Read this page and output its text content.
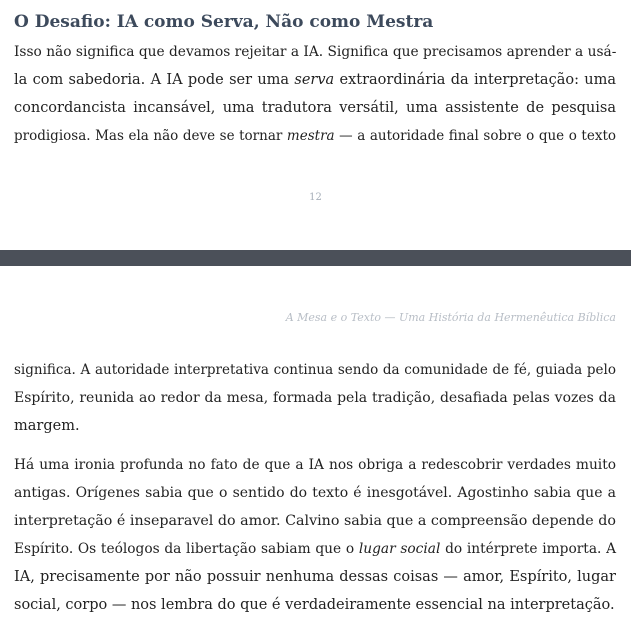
O Desafio: IA como Serva, Não como Mestra

Isso não significa que devamos rejeitar a IA. Significa que precisamos aprender a usá-

la com sabedoria. A IA pode ser uma serva extraordinária da interpretação: uma

concordancista incansável, uma tradutora versátil, uma assistente de pesquisa

prodigiosa. Mas ela não deve se tornar mestra — a autoridade final sobre o que o texto

12
A Mesa e o Texto — Uma História da Hermenêutica Bíblica

significa. A autoridade interpretativa continua sendo da comunidade de fé, guiada pelo

Espírito, reunida ao redor da mesa, formada pela tradição, desafiada pelas vozes da

margem.

Há uma ironia profunda no fato de que a IA nos obriga a redescobrir verdades muito

antigas. Orígenes sabia que o sentido do texto é inesgotável. Agostinho sabia que a

interpretação é inseparavel do amor. Calvino sabia que a compreensão depende do

Espírito. Os teólogos da libertação sabiam que o lugar social do intérprete importa. A

IA, precisamente por não possuir nenhuma dessas coisas — amor, Espírito, lugar

social, corpo — nos lembra do que é verdadeiramente essencial na interpretação.
